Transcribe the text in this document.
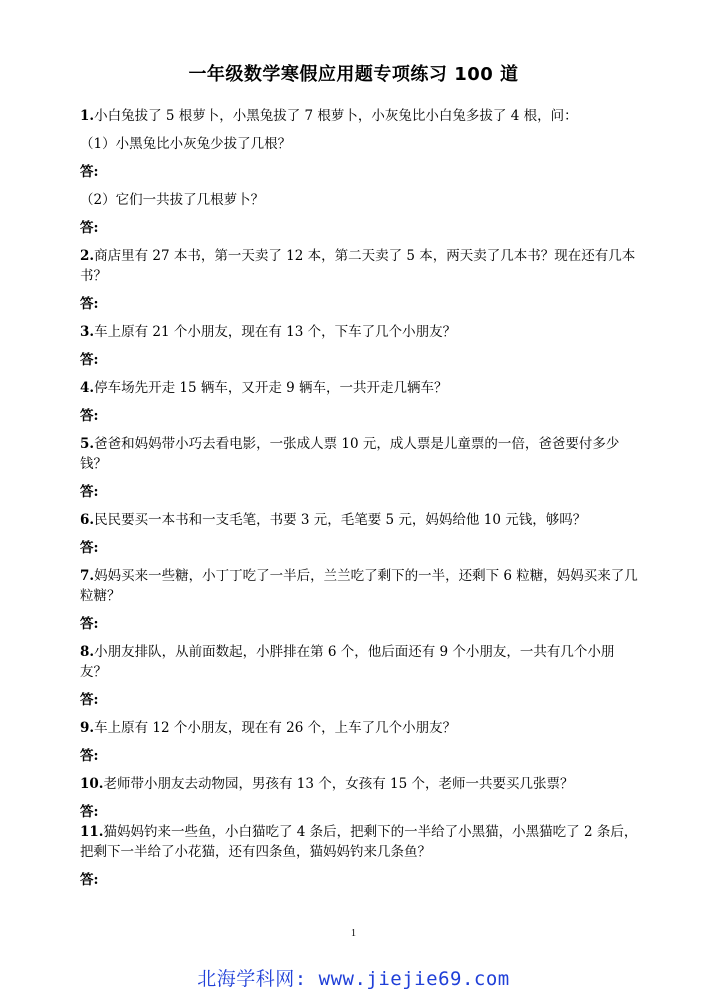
一年级数学寒假应用题专项练习 100 道
1.小白兔拔了 5 根萝卜，小黑兔拔了 7 根萝卜，小灰兔比小白兔多拔了 4 根，问：
（1）小黑兔比小灰兔少拔了几根？
答:
（2）它们一共拔了几根萝卜？
答:
2.商店里有 27 本书，第一天卖了 12 本，第二天卖了 5 本，两天卖了几本书？现在还有几本书？
答:
3.车上原有 21 个小朋友，现在有 13 个，下车了几个小朋友？
答:
4.停车场先开走 15 辆车，又开走 9 辆车，一共开走几辆车？
答:
5.爸爸和妈妈带小巧去看电影，一张成人票 10 元，成人票是儿童票的一倍，爸爸要付多少钱？
答:
6.民民要买一本书和一支毛笔，书要 3 元，毛笔要 5 元，妈妈给他 10 元钱，够吗？
答:
7.妈妈买来一些糖，小丁丁吃了一半后，兰兰吃了剩下的一半，还剩下 6 粒糖，妈妈买来了几粒糖？
答:
8.小朋友排队，从前面数起，小胖排在第 6 个，他后面还有 9 个小朋友，一共有几个小朋友？
答:
9.车上原有 12 个小朋友，现在有 26 个，上车了几个小朋友？
答:
10.老师带小朋友去动物园，男孩有 13 个，女孩有 15 个，老师一共要买几张票？
答:
11.猫妈妈钓来一些鱼，小白猫吃了 4 条后，把剩下的一半给了小黑猫，小黑猫吃了 2 条后，把剩下一半给了小花猫，还有四条鱼，猫妈妈钓来几条鱼？
答:
1
北海学科网: www.jiejie69.com
